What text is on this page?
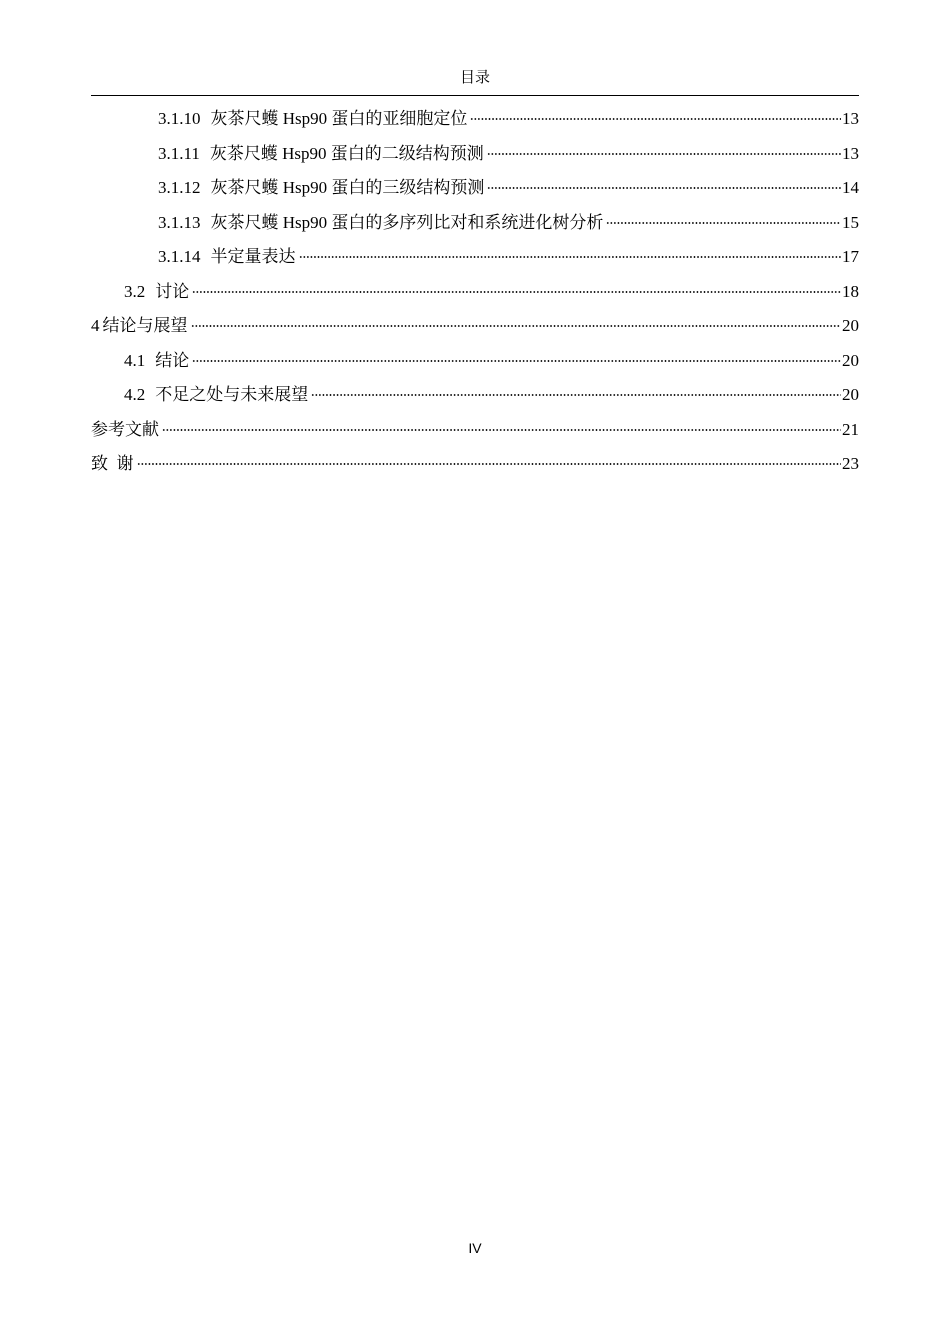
目录
3.1.10 灰茶尺蠖 Hsp90 蛋白的亚细胞定位	13
3.1.11 灰茶尺蠖 Hsp90 蛋白的二级结构预测	13
3.1.12 灰茶尺蠖 Hsp90 蛋白的三级结构预测	14
3.1.13 灰茶尺蠖 Hsp90 蛋白的多序列比对和系统进化树分析	15
3.1.14 半定量表达	17
3.2 讨论	18
4 结论与展望	20
4.1 结论	20
4.2 不足之处与未来展望	20
参考文献	21
致  谢	23
IV
